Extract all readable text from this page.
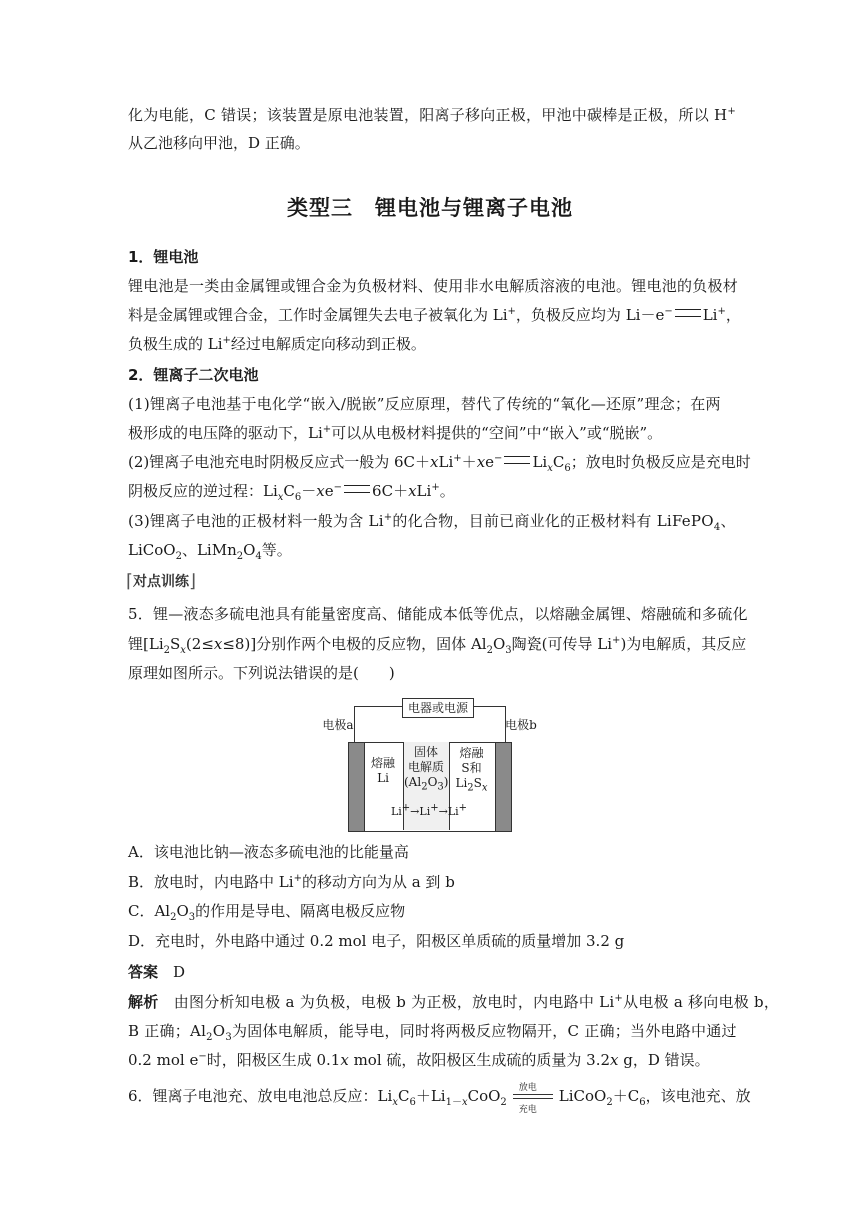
化为电能，C 错误；该装置是原电池装置，阳离子移向正极，甲池中碳棒是正极，所以 H+
从乙池移向甲池，D 正确。
类型三　锂电池与锂离子电池
1．锂电池
锂电池是一类由金属锂或锂合金为负极材料、使用非水电解质溶液的电池。锂电池的负极材
料是金属锂或锂合金，工作时金属锂失去电子被氧化为 Li+，负极反应均为 Li－e− Li+，
负极生成的 Li+经过电解质定向移动到正极。
2．锂离子二次电池
(1)锂离子电池基于电化学“嵌入/脱嵌”反应原理，替代了传统的“氧化—还原”理念；在两
极形成的电压降的驱动下，Li+可以从电极材料提供的“空间”中“嵌入”或“脱嵌”。
(2)锂离子电池充电时阴极反应式一般为 6C＋xLi+＋xe− $Li_xC_6$；放电时负极反应是充电时
阴极反应的逆过程：$Li_xC_6-xe^-$ 6C＋xLi+。
(3)锂离子电池的正极材料一般为含 Li+的化合物，目前已商业化的正极材料有 LiFePO$_4$、
LiCoO$_2$、$LiMn_2O_4$等。
⌈对点训练⌋
5．锂—液态多硫电池具有能量密度高、储能成本低等优点，以熔融金属锂、熔融硫和多硫化
锂$[Li_2S_x(2\le x\le 8)]$分别作两个电极的反应物，固体 $Al_2O_3$陶瓷(可传导 Li+)为电解质，其反应
原理如图所示。下列说法错误的是(　　)
电器或电源
电极a	电极b
熔融
Li
固体
电解质
$(Al_2O_3)$
熔融
S和
$Li_2S_x$
Li+→Li+→Li+
A．该电池比钠—液态多硫电池的比能量高
B．放电时，内电路中 Li+的移动方向为从 a 到 b
C．$Al_2O_3$的作用是导电、隔离电极反应物
D．充电时，外电路中通过 0.2 mol 电子，阳极区单质硫的质量增加 3.2 g
答案　 D
解析　由图分析知电极 a 为负极，电极 b 为正极，放电时，内电路中 Li+从电极 a 移向电极 b，
B 正确；$Al_2O_3$为固体电解质，能导电，同时将两极反应物隔开，C 正确；当外电路中通过
0.2 mol e−时，阳极区生成 0.1x mol 硫，故阳极区生成硫的质量为 3.2x g，D 错误。
6．锂离子电池充、放电电池总反应：$Li_xC_6+Li_{1-x}CoO_2$
放电
充电
$LiCoO_2+C_6$，该电池充、放
